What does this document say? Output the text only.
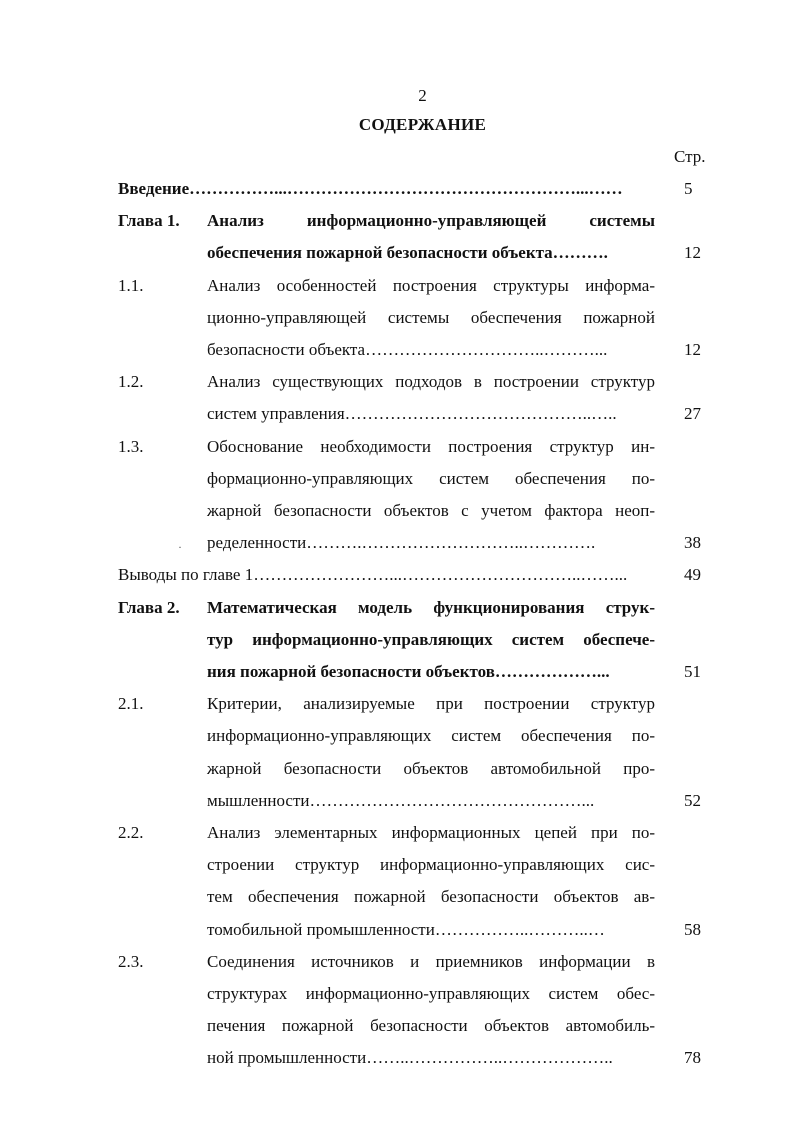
2
СОДЕРЖАНИЕ
Стр.
Введение……………...……………………………………………...……	5
Глава 1. Анализ информационно-управляющей системы
обеспечения пожарной безопасности объекта……….	12
1.1.	Анализ особенностей построения структуры информа-
ционно-управляющей системы обеспечения пожарной
безопасности объекта…………………………..………...	12
1.2.	Анализ существующих подходов в построении структур
систем управления……………………………………..…..	27
1.3.	Обоснование необходимости построения структур ин-
формационно-управляющих систем обеспечения по-
жарной безопасности объектов с учетом фактора неоп-
ределенности……….………………………..………….	38
Выводы по главе 1……………………...…………………………..……...	49
Глава 2. Математическая модель функционирования струк-
тур информационно-управляющих систем обеспече-
ния пожарной безопасности объектов………………...	51
2.1.	Критерии, анализируемые при построении структур
информационно-управляющих систем обеспечения по-
жарной безопасности объектов автомобильной про-
мышленности…………………………………………...	52
2.2.	Анализ элементарных информационных цепей при по-
строении структур информационно-управляющих сис-
тем обеспечения пожарной безопасности объектов ав-
томобильной промышленности……………..………..…	58
2.3.	Соединения источников и приемников информации в
структурах информационно-управляющих систем обес-
печения пожарной безопасности объектов автомобиль-
ной промышленности……..……………..………………..	78
·
